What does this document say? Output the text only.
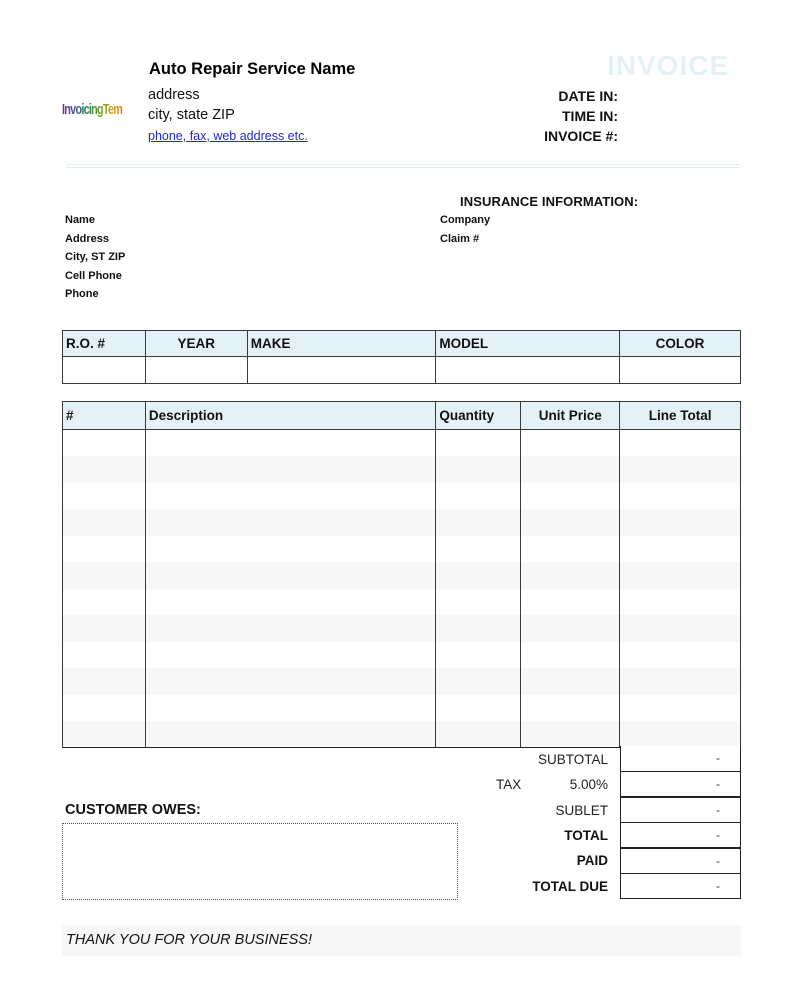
InvoicingTemplates
Auto Repair Service Name
address
city, state ZIP
phone, fax, web address etc.
INVOICE
DATE IN:
TIME IN:
INVOICE #:
Name
Address
City, ST ZIP
Cell Phone
Phone
INSURANCE INFORMATION:
Company
Claim #
R.O. #	YEAR	MAKE	MODEL	COLOR

#	Description	Quantity	Unit Price	Line Total

SUBTOTAL	-
TAX	5.00%	-
SUBLET	-
TOTAL	-
PAID	-
TOTAL DUE	-
CUSTOMER OWES:
THANK YOU FOR YOUR BUSINESS!
